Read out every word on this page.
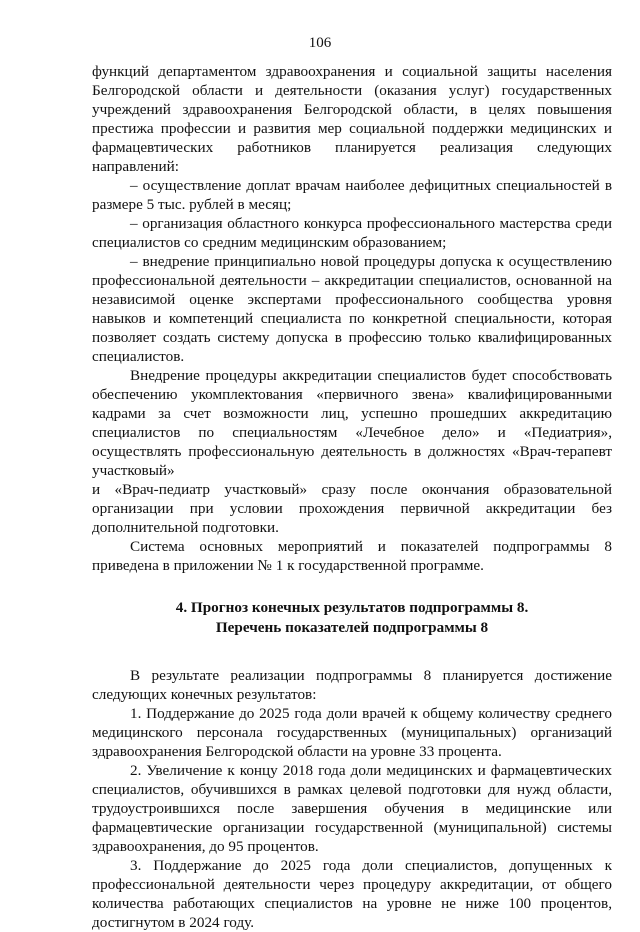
106

функций департаментом здравоохранения и социальной защиты населения Белгородской области и деятельности (оказания услуг) государственных учреждений здравоохранения Белгородской области, в целях повышения престижа профессии и развития мер социальной поддержки медицинских и фармацевтических работников планируется реализация следующих направлений:

– осуществление доплат врачам наиболее дефицитных специальностей в размере 5 тыс. рублей в месяц;

– организация областного конкурса профессионального мастерства среди специалистов со средним медицинским образованием;

– внедрение принципиально новой процедуры допуска к осуществлению профессиональной деятельности – аккредитации специалистов, основанной на независимой оценке экспертами профессионального сообщества уровня навыков и компетенций специалиста по конкретной специальности, которая позволяет создать систему допуска в профессию только квалифицированных специалистов.

Внедрение процедуры аккредитации специалистов будет способствовать обеспечению укомплектования «первичного звена» квалифицированными кадрами за счет возможности лиц, успешно прошедших аккредитацию специалистов по специальностям «Лечебное дело» и «Педиатрия», осуществлять профессиональную деятельность в должностях «Врач-терапевт участковый»

и «Врач-педиатр участковый» сразу после окончания образовательной организации при условии прохождения первичной аккредитации без дополнительной подготовки.

Система основных мероприятий и показателей подпрограммы 8 приведена в приложении № 1 к государственной программе.

4. Прогноз конечных результатов подпрограммы 8.
Перечень показателей подпрограммы 8

В результате реализации подпрограммы 8 планируется достижение следующих конечных результатов:

1. Поддержание до 2025 года доли врачей к общему количеству среднего медицинского персонала государственных (муниципальных) организаций здравоохранения Белгородской области на уровне 33 процента.

2. Увеличение к концу 2018 года доли медицинских и фармацевтических специалистов, обучившихся в рамках целевой подготовки для нужд области, трудоустроившихся после завершения обучения в медицинские или фармацевтические организации государственной (муниципальной) системы здравоохранения, до 95 процентов.

3. Поддержание до 2025 года доли специалистов, допущенных к профессиональной деятельности через процедуру аккредитации, от общего количества работающих специалистов на уровне не ниже 100 процентов, достигнутом в 2024 году.
